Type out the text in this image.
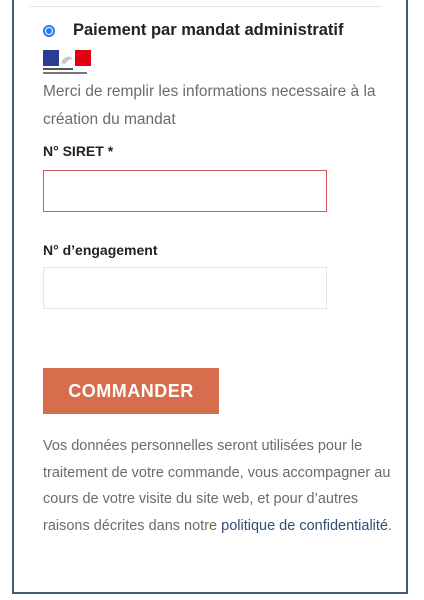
Paiement par mandat administratif
Merci de remplir les informations necessaire à la création du mandat
N° SIRET *
N° d’engagement
COMMANDER
Vos données personnelles seront utilisées pour le traitement de votre commande, vous accompagner au cours de votre visite du site web, et pour d’autres raisons décrites dans notre politique de confidentialité.
